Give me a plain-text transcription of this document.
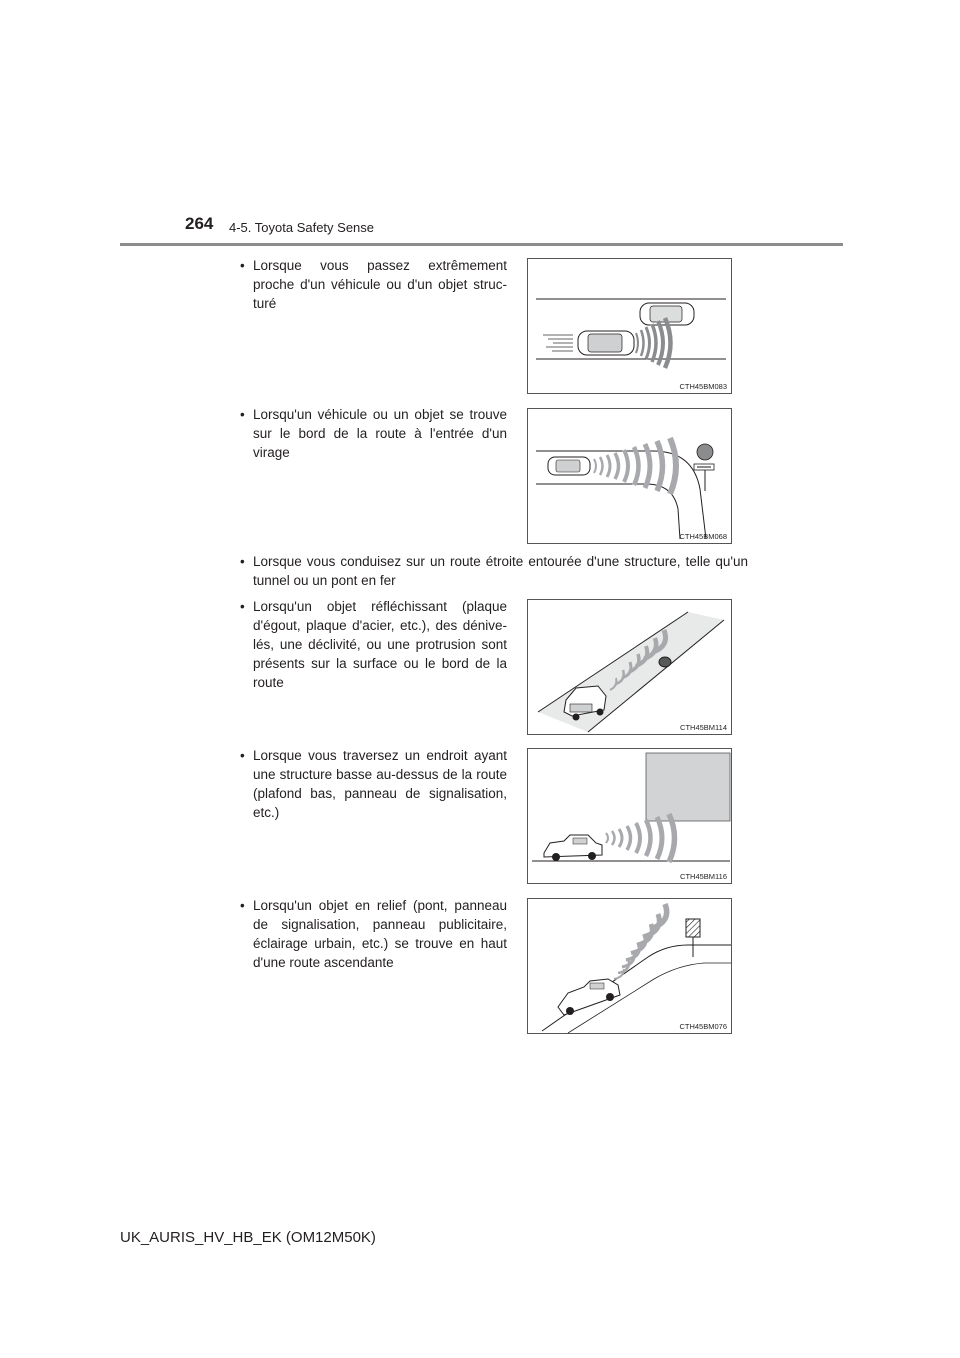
264 4-5. Toyota Safety Sense
• Lorsque vous passez extrêmement proche d'un véhicule ou d'un objet struc-turé
CTH45BM083
• Lorsqu'un véhicule ou un objet se trouve sur le bord de la route à l'entrée d'un virage
CTH45BM068
• Lorsque vous conduisez sur un route étroite entourée d'une structure, telle qu'un tunnel ou un pont en fer
• Lorsqu'un objet réfléchissant (plaque d'égout, plaque d'acier, etc.), des dénive-lés, une déclivité, ou une protrusion sont présents sur la surface ou le bord de la route
CTH45BM114
• Lorsque vous traversez un endroit ayant une structure basse au-dessus de la route (plafond bas, panneau de signalisation, etc.)
CTH45BM116
• Lorsqu'un objet en relief (pont, panneau de signalisation, panneau publicitaire, éclairage urbain, etc.) se trouve en haut d'une route ascendante
CTH45BM076
UK_AURIS_HV_HB_EK (OM12M50K)
